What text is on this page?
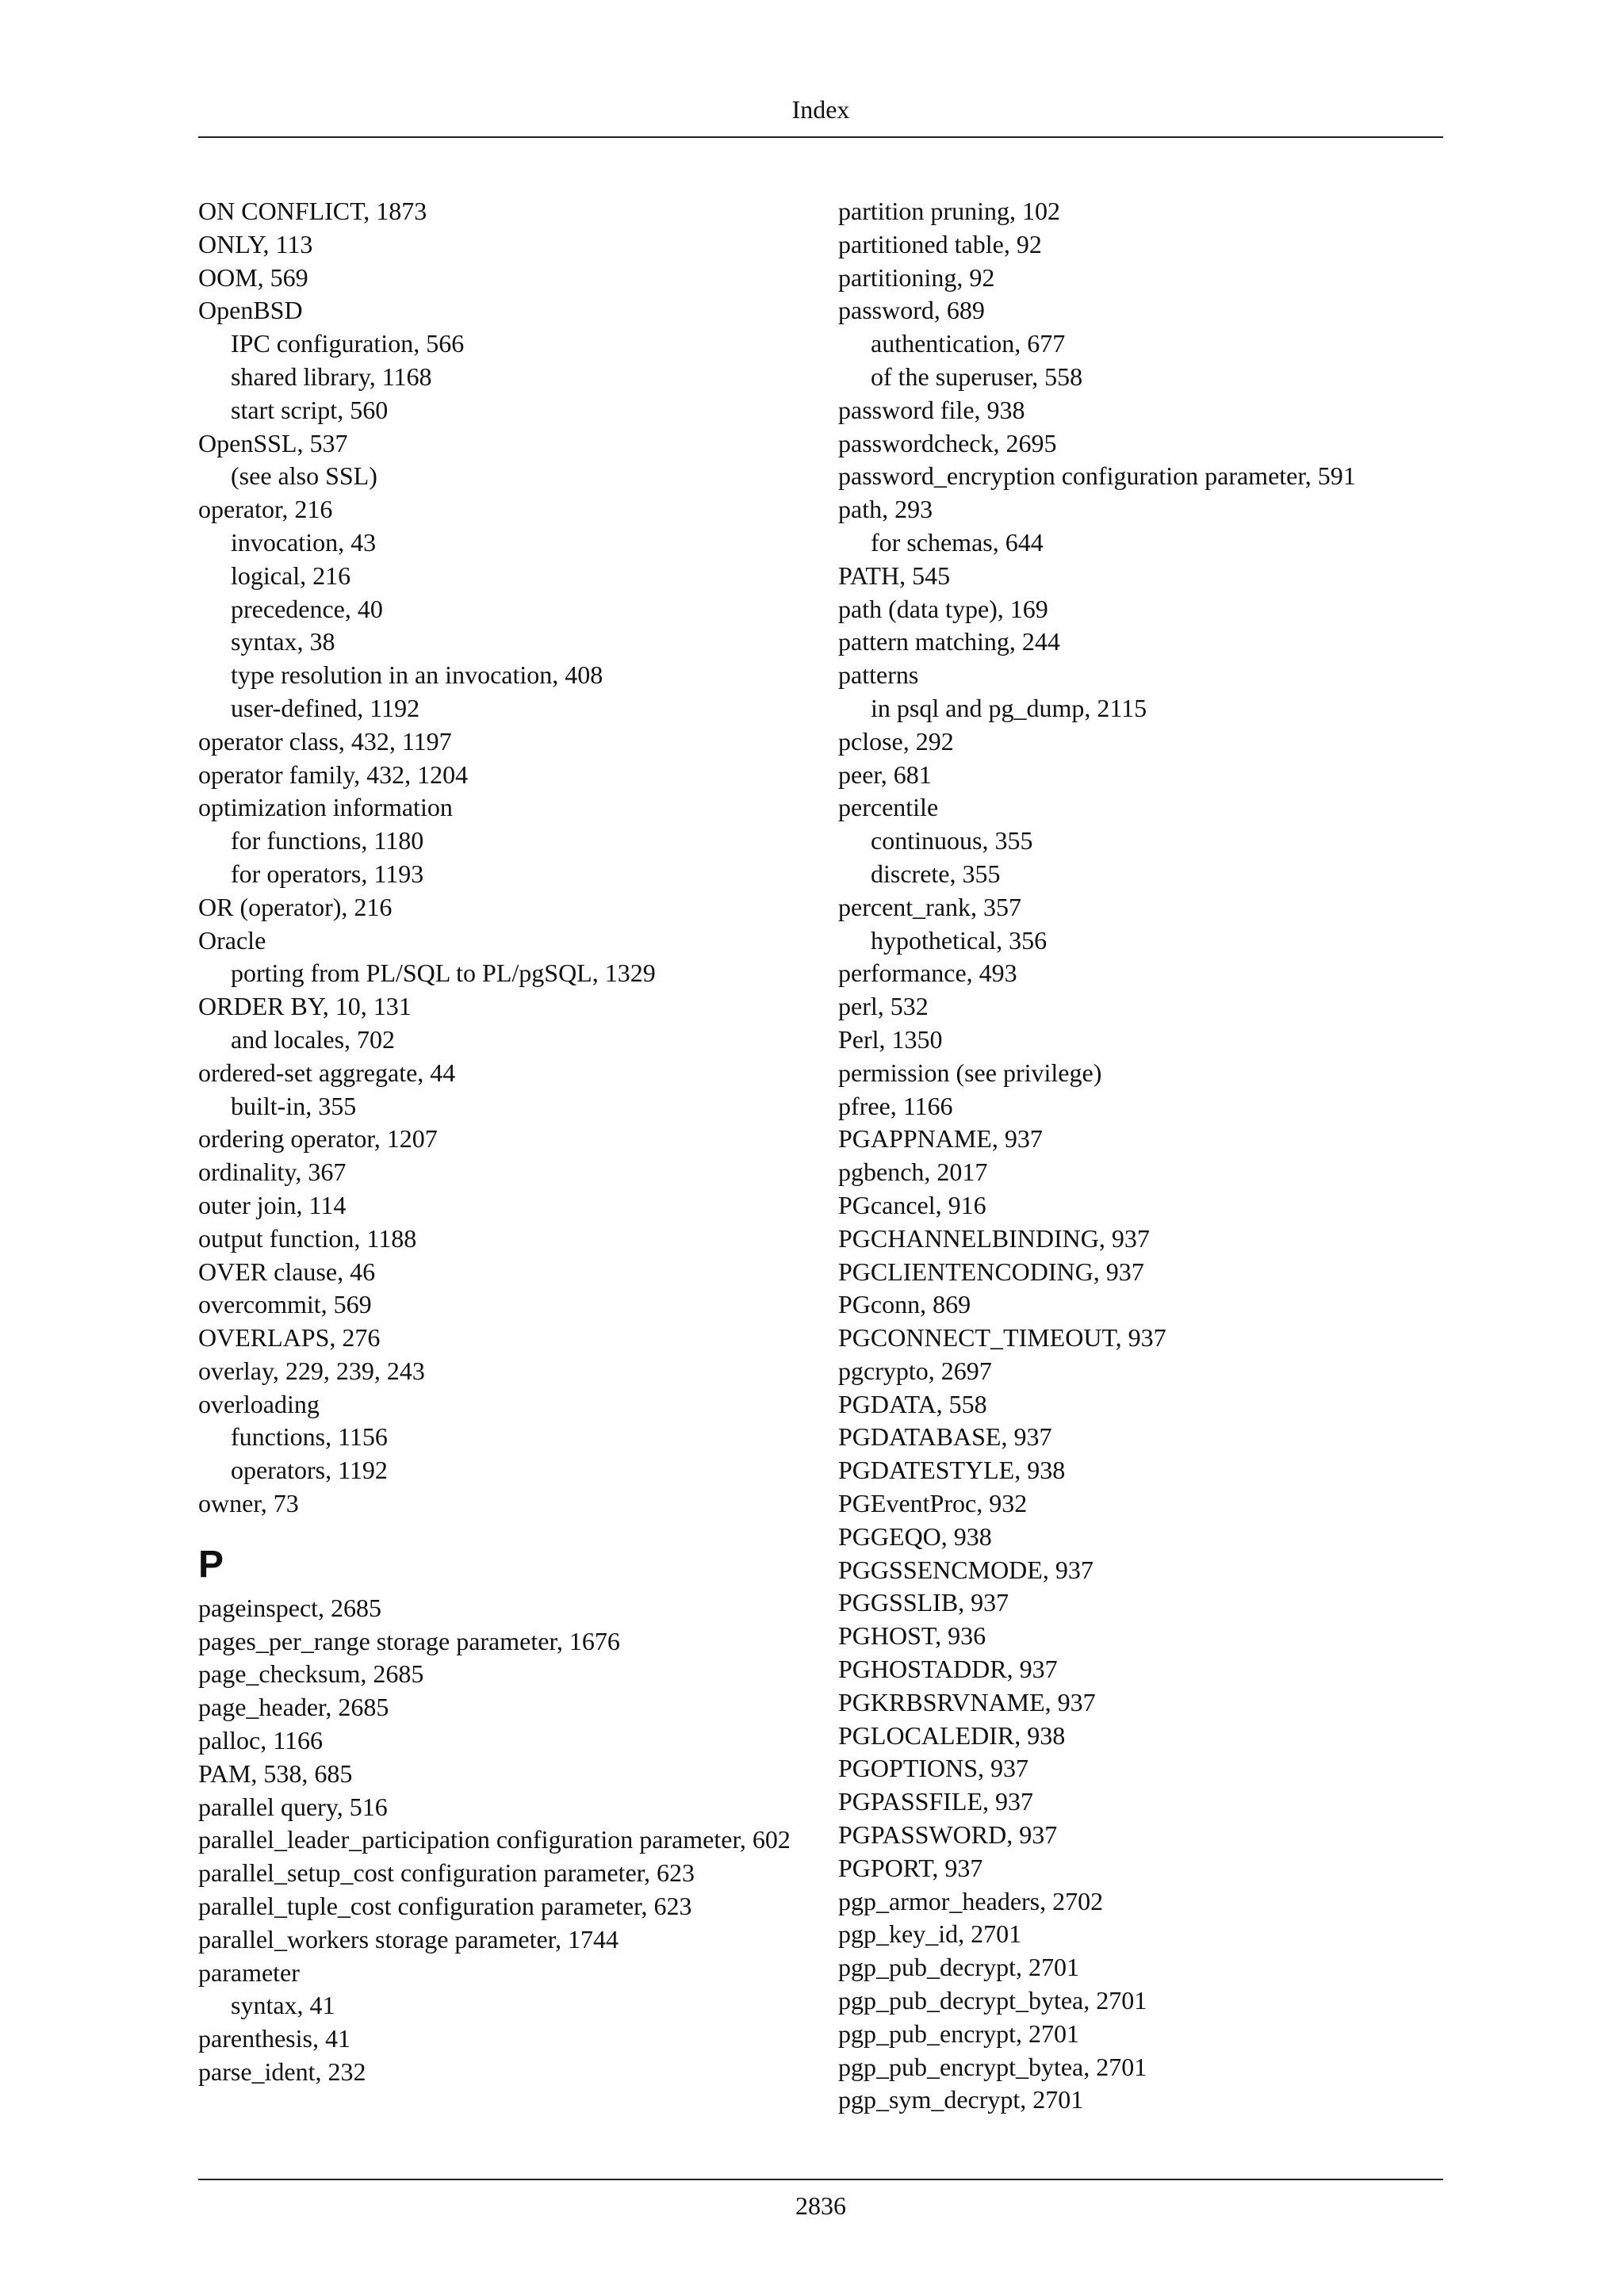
Index
ON CONFLICT, 1873
ONLY, 113
OOM, 569
OpenBSD
IPC configuration, 566
shared library, 1168
start script, 560
OpenSSL, 537
(see also SSL)
operator, 216
invocation, 43
logical, 216
precedence, 40
syntax, 38
type resolution in an invocation, 408
user-defined, 1192
operator class, 432, 1197
operator family, 432, 1204
optimization information
for functions, 1180
for operators, 1193
OR (operator), 216
Oracle
porting from PL/SQL to PL/pgSQL, 1329
ORDER BY, 10, 131
and locales, 702
ordered-set aggregate, 44
built-in, 355
ordering operator, 1207
ordinality, 367
outer join, 114
output function, 1188
OVER clause, 46
overcommit, 569
OVERLAPS, 276
overlay, 229, 239, 243
overloading
functions, 1156
operators, 1192
owner, 73
P
pageinspect, 2685
pages_per_range storage parameter, 1676
page_checksum, 2685
page_header, 2685
palloc, 1166
PAM, 538, 685
parallel query, 516
parallel_leader_participation configuration parameter, 602
parallel_setup_cost configuration parameter, 623
parallel_tuple_cost configuration parameter, 623
parallel_workers storage parameter, 1744
parameter
syntax, 41
parenthesis, 41
parse_ident, 232
partition pruning, 102
partitioned table, 92
partitioning, 92
password, 689
authentication, 677
of the superuser, 558
password file, 938
passwordcheck, 2695
password_encryption configuration parameter, 591
path, 293
for schemas, 644
PATH, 545
path (data type), 169
pattern matching, 244
patterns
in psql and pg_dump, 2115
pclose, 292
peer, 681
percentile
continuous, 355
discrete, 355
percent_rank, 357
hypothetical, 356
performance, 493
perl, 532
Perl, 1350
permission (see privilege)
pfree, 1166
PGAPPNAME, 937
pgbench, 2017
PGcancel, 916
PGCHANNELBINDING, 937
PGCLIENTENCODING, 937
PGconn, 869
PGCONNECT_TIMEOUT, 937
pgcrypto, 2697
PGDATA, 558
PGDATABASE, 937
PGDATESTYLE, 938
PGEventProc, 932
PGGEQO, 938
PGGSSENCMODE, 937
PGGSSLIB, 937
PGHOST, 936
PGHOSTADDR, 937
PGKRBSRVNAME, 937
PGLOCALEDIR, 938
PGOPTIONS, 937
PGPASSFILE, 937
PGPASSWORD, 937
PGPORT, 937
pgp_armor_headers, 2702
pgp_key_id, 2701
pgp_pub_decrypt, 2701
pgp_pub_decrypt_bytea, 2701
pgp_pub_encrypt, 2701
pgp_pub_encrypt_bytea, 2701
pgp_sym_decrypt, 2701
2836
